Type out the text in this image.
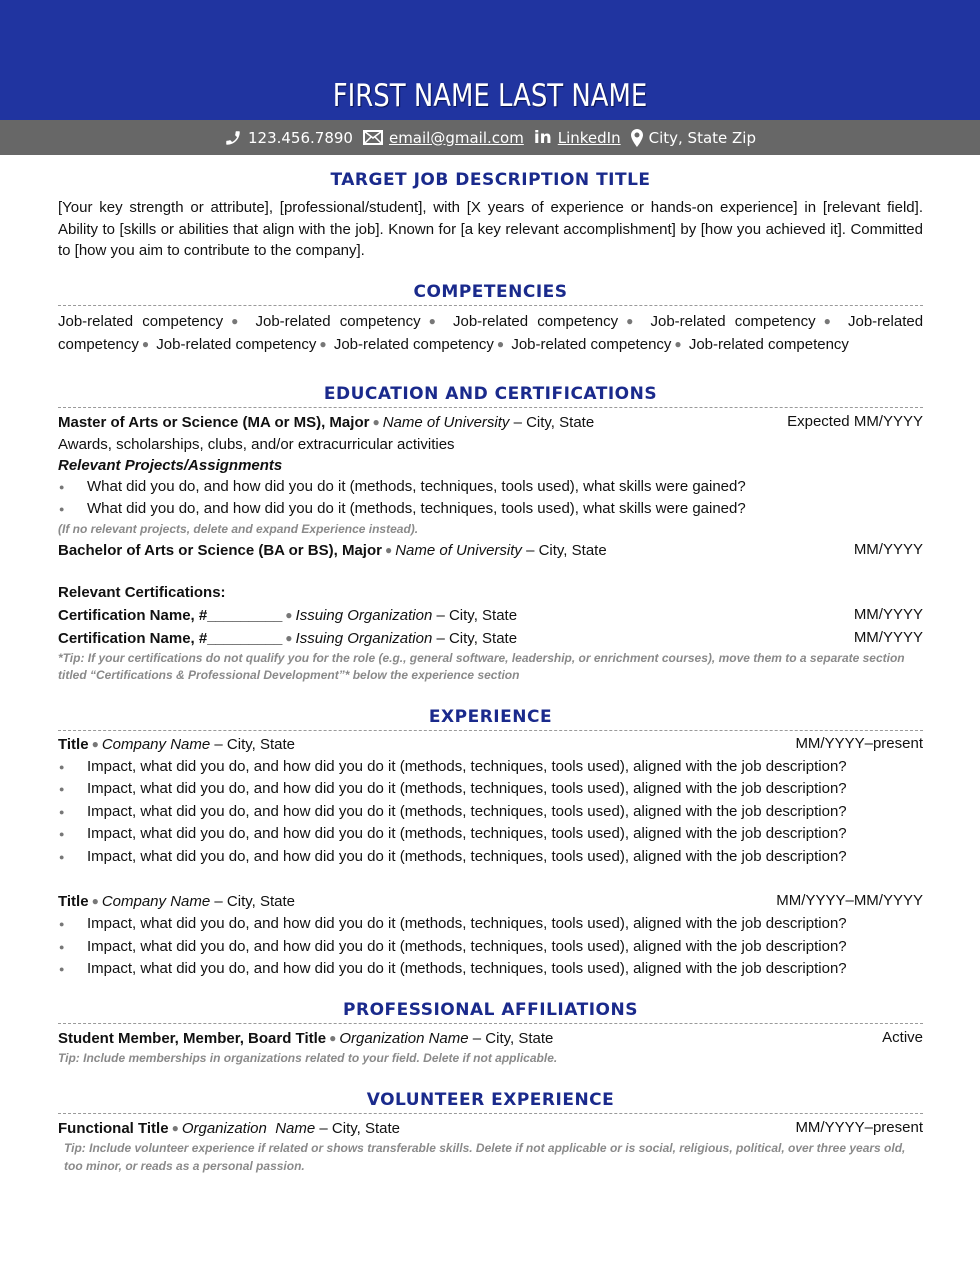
FIRST NAME LAST NAME
123.456.7890 email@gmail.com in LinkedIn City, State Zip
TARGET JOB DESCRIPTION TITLE
[Your key strength or attribute], [professional/student], with [X years of experience or hands-on experience] in [relevant field]. Ability to [skills or abilities that align with the job]. Known for [a key relevant accomplishment] by [how you achieved it]. Committed to [how you aim to contribute to the company].
COMPETENCIES
Job-related competency ● Job-related competency ● Job-related competency ● Job-related competency ● Job-related competency ● Job-related competency ● Job-related competency ● Job-related competency ● Job-related competency
EDUCATION AND CERTIFICATIONS
Master of Arts or Science (MA or MS), Major ● Name of University – City, State	Expected MM/YYYY
Awards, scholarships, clubs, and/or extracurricular activities
Relevant Projects/Assignments
● What did you do, and how did you do it (methods, techniques, tools used), what skills were gained?
● What did you do, and how did you do it (methods, techniques, tools used), what skills were gained?
(If no relevant projects, delete and expand Experience instead).
Bachelor of Arts or Science (BA or BS), Major ● Name of University – City, State	MM/YYYY
Relevant Certifications:
Certification Name, #_________ ● Issuing Organization – City, State	MM/YYYY
Certification Name, #_________ ● Issuing Organization – City, State	MM/YYYY
*Tip: If your certifications do not qualify you for the role (e.g., general software, leadership, or enrichment courses), move them to a separate section titled “Certifications & Professional Development”* below the experience section
EXPERIENCE
Title ● Company Name – City, State	MM/YYYY–present
● Impact, what did you do, and how did you do it (methods, techniques, tools used), aligned with the job description?
● Impact, what did you do, and how did you do it (methods, techniques, tools used), aligned with the job description?
● Impact, what did you do, and how did you do it (methods, techniques, tools used), aligned with the job description?
● Impact, what did you do, and how did you do it (methods, techniques, tools used), aligned with the job description?
● Impact, what did you do, and how did you do it (methods, techniques, tools used), aligned with the job description?
Title ● Company Name – City, State	MM/YYYY–MM/YYYY
● Impact, what did you do, and how did you do it (methods, techniques, tools used), aligned with the job description?
● Impact, what did you do, and how did you do it (methods, techniques, tools used), aligned with the job description?
● Impact, what did you do, and how did you do it (methods, techniques, tools used), aligned with the job description?
PROFESSIONAL AFFILIATIONS
Student Member, Member, Board Title ● Organization Name – City, State	Active
Tip: Include memberships in organizations related to your field. Delete if not applicable.
VOLUNTEER EXPERIENCE
Functional Title ● Organization  Name – City, State	MM/YYYY–present
Tip: Include volunteer experience if related or shows transferable skills. Delete if not applicable or is social, religious, political, over three years old, too minor, or reads as a personal passion.
